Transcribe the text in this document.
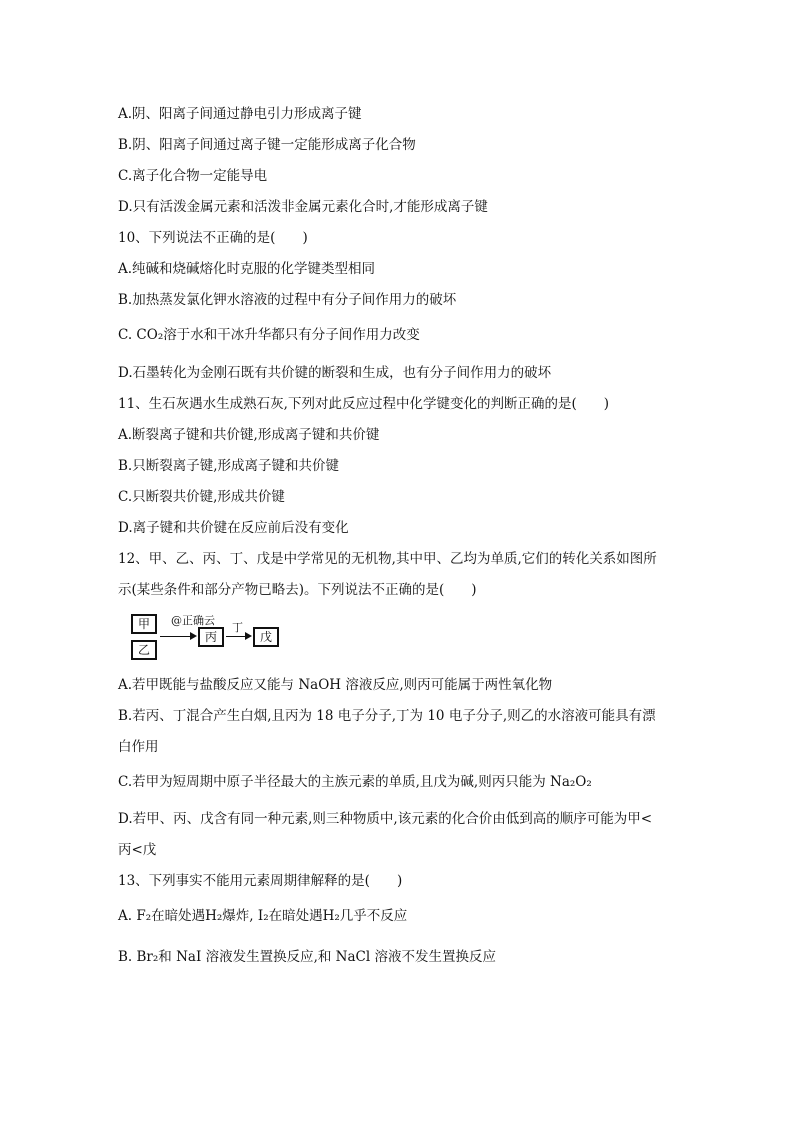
A.阴、阳离子间通过静电引力形成离子键
B.阴、阳离子间通过离子键一定能形成离子化合物
C.离子化合物一定能导电
D.只有活泼金属元素和活泼非金属元素化合时,才能形成离子键
10、下列说法不正确的是(　　)
A.纯碱和烧碱熔化时克服的化学键类型相同
B.加热蒸发氯化钾水溶液的过程中有分子间作用力的破坏
C. CO₂溶于水和干冰升华都只有分子间作用力改变
D.石墨转化为金刚石既有共价键的断裂和生成，也有分子间作用力的破坏
11、生石灰遇水生成熟石灰,下列对此反应过程中化学键变化的判断正确的是(　　)
A.断裂离子键和共价键,形成离子键和共价键
B.只断裂离子键,形成离子键和共价键
C.只断裂共价键,形成共价键
D.离子键和共价键在反应前后没有变化
12、甲、乙、丙、丁、戊是中学常见的无机物,其中甲、乙均为单质,它们的转化关系如图所
示(某些条件和部分产物已略去)。下列说法不正确的是(　　)
甲
乙
@正确云
丙
丁
戊
A.若甲既能与盐酸反应又能与 NaOH 溶液反应,则丙可能属于两性氧化物
B.若丙、丁混合产生白烟,且丙为 18 电子分子,丁为 10 电子分子,则乙的水溶液可能具有漂
白作用
C.若甲为短周期中原子半径最大的主族元素的单质,且戊为碱,则丙只能为 Na₂O₂
D.若甲、丙、戊含有同一种元素,则三种物质中,该元素的化合价由低到高的顺序可能为甲<
丙<戊
13、下列事实不能用元素周期律解释的是(　　)
A. F₂在暗处遇H₂爆炸, I₂在暗处遇H₂几乎不反应
B. Br₂和 NaI 溶液发生置换反应,和 NaCl 溶液不发生置换反应
